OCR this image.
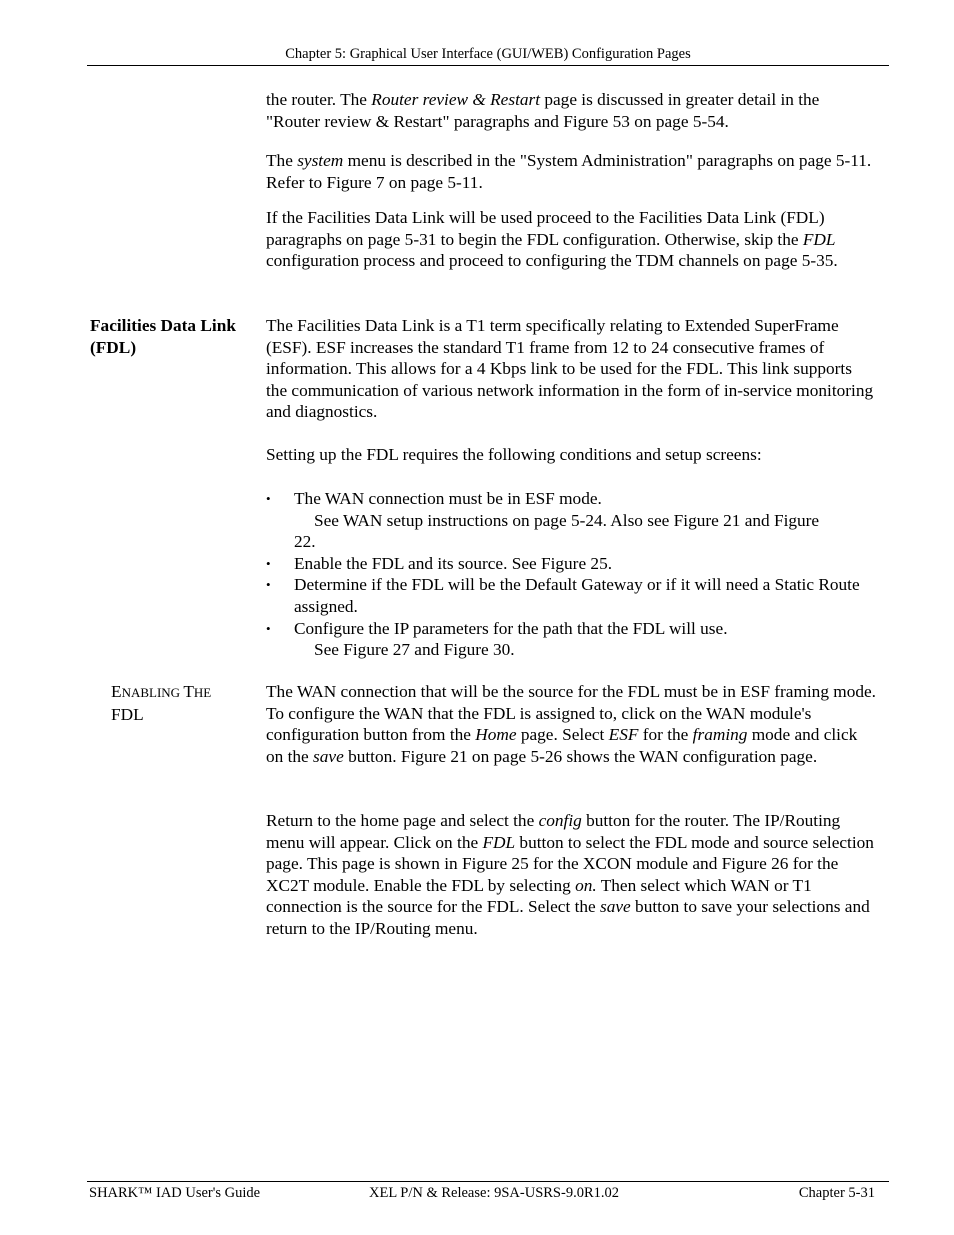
Chapter 5: Graphical User Interface (GUI/WEB) Configuration Pages

the router. The Router review & Restart page is discussed in greater detail in the "Router review & Restart" paragraphs and Figure 53 on page 5-54.

The system menu is described in the "System Administration" paragraphs on page 5-11. Refer to Figure 7 on page 5-11.

If the Facilities Data Link will be used proceed to the Facilities Data Link (FDL) paragraphs on page 5-31 to begin the FDL configuration. Otherwise, skip the FDL configuration process and proceed to configuring the TDM channels on page 5-35.

Facilities Data Link (FDL)

The Facilities Data Link is a T1 term specifically relating to Extended SuperFrame (ESF). ESF increases the standard T1 frame from 12 to 24 consecutive frames of information. This allows for a 4 Kbps link to be used for the FDL. This link supports the communication of various network information in the form of in-service monitoring and diagnostics.

Setting up the FDL requires the following conditions and setup screens:

• The WAN connection must be in ESF mode.
See WAN setup instructions on page 5-24. Also see Figure 21 and Figure
22.
• Enable the FDL and its source. See Figure 25.
• Determine if the FDL will be the Default Gateway or if it will need a Static Route assigned.
• Configure the IP parameters for the path that the FDL will use.
See Figure 27 and Figure 30.
ENABLING THE
FDL

The WAN connection that will be the source for the FDL must be in ESF framing mode. To configure the WAN that the FDL is assigned to, click on the WAN module's configuration button from the Home page. Select ESF for the framing mode and click on the save button. Figure 21 on page 5-26 shows the WAN configuration page.

Return to the home page and select the config button for the router. The IP/Routing menu will appear. Click on the FDL button to select the FDL mode and source selection page. This page is shown in Figure 25 for the XCON module and Figure 26 for the XC2T module. Enable the FDL by selecting on. Then select which WAN or T1 connection is the source for the FDL. Select the save button to save your selections and return to the IP/Routing menu.

SHARK™ IAD User's Guide	XEL P/N & Release: 9SA-USRS-9.0R1.02	Chapter 5-31
